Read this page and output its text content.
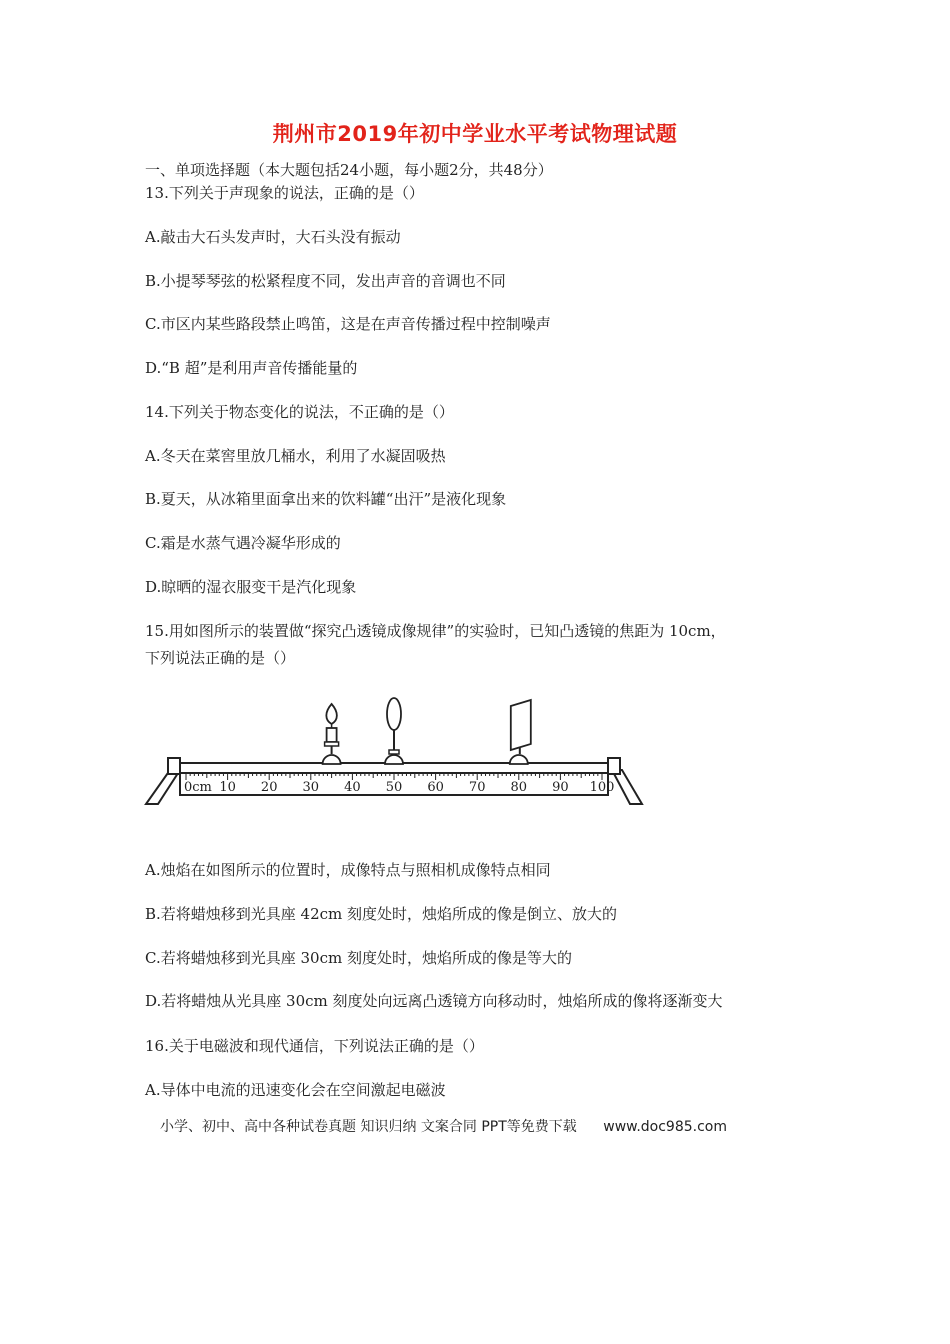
荆州市2019年初中学业水平考试物理试题
一、单项选择题（本大题包括24小题，每小题2分，共48分）
13.下列关于声现象的说法，正确的是（）
A.敲击大石头发声时，大石头没有振动
B.小提琴琴弦的松紧程度不同，发出声音的音调也不同
C.市区内某些路段禁止鸣笛，这是在声音传播过程中控制噪声
D.“B 超”是利用声音传播能量的
14.下列关于物态变化的说法，不正确的是（）
A.冬天在菜窖里放几桶水，利用了水凝固吸热
B.夏天，从冰箱里面拿出来的饮料罐“出汗”是液化现象
C.霜是水蒸气遇冷凝华形成的
D.晾晒的湿衣服变干是汽化现象
15.用如图所示的装置做“探究凸透镜成像规律”的实验时，已知凸透镜的焦距为 10cm，
下列说法正确的是（）
0cm 10 20 30 40 50 60 70 80 90 100
A.烛焰在如图所示的位置时，成像特点与照相机成像特点相同
B.若将蜡烛移到光具座 42cm 刻度处时，烛焰所成的像是倒立、放大的
C.若将蜡烛移到光具座 30cm 刻度处时，烛焰所成的像是等大的
D.若将蜡烛从光具座 30cm 刻度处向远离凸透镜方向移动时，烛焰所成的像将逐渐变大
16.关于电磁波和现代通信，下列说法正确的是（）
A.导体中电流的迅速变化会在空间激起电磁波
小学、初中、高中各种试卷真题 知识归纳 文案合同 PPT等免费下载 www.doc985.com
